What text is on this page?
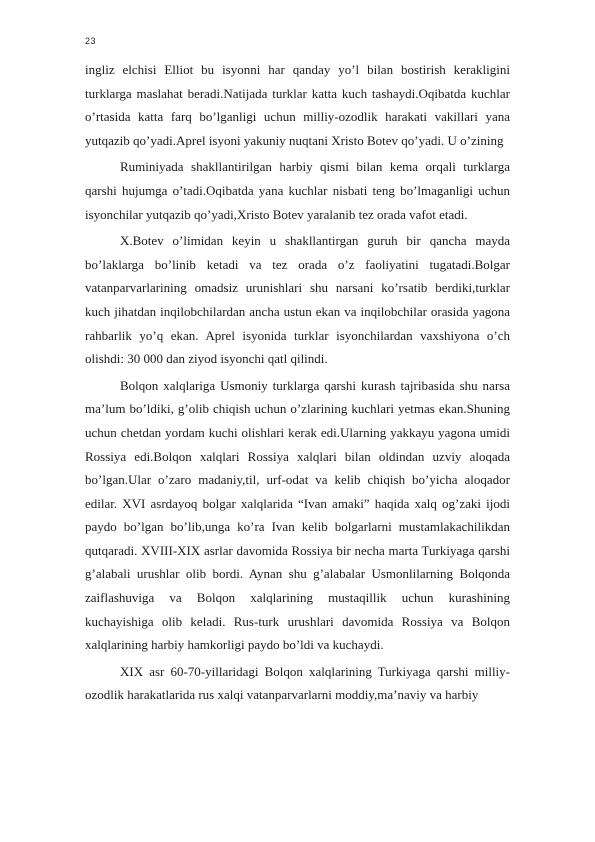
23

ingliz elchisi Elliot bu isyonni har qanday yo’l bilan bostirish kerakligini turklarga maslahat beradi.Natijada turklar katta kuch tashaydi.Oqibatda kuchlar o’rtasida katta farq bo’lganligi uchun milliy-ozodlik harakati vakillari yana yutqazib qo’yadi.Aprel isyoni yakuniy nuqtani Xristo Botev qo’yadi. U o’zining

Ruminiyada shakllantirilgan harbiy qismi bilan kema orqali turklarga qarshi hujumga o’tadi.Oqibatda yana kuchlar nisbati teng bo’lmaganligi uchun isyonchilar yutqazib qo’yadi,Xristo Botev yaralanib tez orada vafot etadi.

X.Botev o’limidan keyin u shakllantirgan guruh bir qancha mayda bo’laklarga bo’linib ketadi va tez orada o’z faoliyatini tugatadi.Bolgar vatanparvarlarining omadsiz urunishlari shu narsani ko’rsatib berdiki,turklar kuch jihatdan inqilobchilardan ancha ustun ekan va inqilobchilar orasida yagona rahbarlik yo’q ekan. Aprel isyonida turklar isyonchilardan vaxshiyona o’ch olishdi: 30 000 dan ziyod isyonchi qatl qilindi.

Bolqon xalqlariga Usmoniy turklarga qarshi kurash tajribasida shu narsa ma’lum bo’ldiki, g’olib chiqish uchun o’zlarining kuchlari yetmas ekan.Shuning uchun chetdan yordam kuchi olishlari kerak edi.Ularning yakkayu yagona umidi Rossiya edi.Bolqon xalqlari Rossiya xalqlari bilan oldindan uzviy aloqada bo’lgan.Ular o’zaro madaniy,til, urf-odat va kelib chiqish bo’yicha aloqador edilar. XVI asrdayoq bolgar xalqlarida “Ivan amaki” haqida xalq og’zaki ijodi paydo bo’lgan bo’lib,unga ko’ra Ivan kelib bolgarlarni mustamlakachilikdan qutqaradi. XVIII-XIX asrlar davomida Rossiya bir necha marta Turkiyaga qarshi g’alabali urushlar olib bordi. Aynan shu g’alabalar Usmonlilarning Bolqonda zaiflashuviga va Bolqon xalqlarining mustaqillik uchun kurashining kuchayishiga olib keladi. Rus-turk urushlari davomida Rossiya va Bolqon xalqlarining harbiy hamkorligi paydo bo’ldi va kuchaydi.

XIX asr 60-70-yillaridagi Bolqon xalqlarining Turkiyaga qarshi milliy-ozodlik harakatlarida rus xalqi vatanparvarlarni moddiy,ma’naviy va harbiy
